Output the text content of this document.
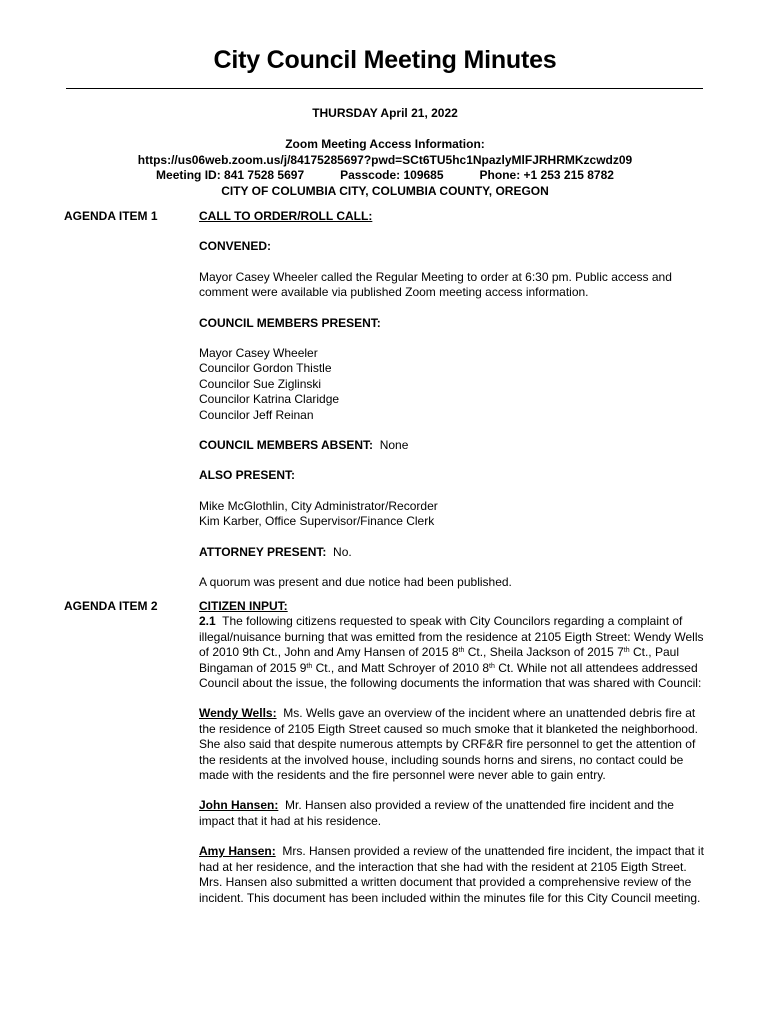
City Council Meeting Minutes
THURSDAY April 21, 2022
Zoom Meeting Access Information:
https://us06web.zoom.us/j/84175285697?pwd=SCt6TU5hc1NpazlyMlFJRHRMKzcwdz09
Meeting ID: 841 7528 5697	Passcode: 109685	Phone: +1 253 215 8782
CITY OF COLUMBIA CITY, COLUMBIA COUNTY, OREGON
AGENDA ITEM 1	CALL TO ORDER/ROLL CALL:

CONVENED:

Mayor Casey Wheeler called the Regular Meeting to order at 6:30 pm. Public access and comment were available via published Zoom meeting access information.

COUNCIL MEMBERS PRESENT:

Mayor Casey Wheeler
Councilor Gordon Thistle
Councilor Sue Ziglinski
Councilor Katrina Claridge
Councilor Jeff Reinan

COUNCIL MEMBERS ABSENT: None

ALSO PRESENT:

Mike McGlothlin, City Administrator/Recorder
Kim Karber, Office Supervisor/Finance Clerk

ATTORNEY PRESENT: No.

A quorum was present and due notice had been published.

AGENDA ITEM 2	CITIZEN INPUT:

2.1 The following citizens requested to speak with City Councilors regarding a complaint of illegal/nuisance burning that was emitted from the residence at 2105 Eigth Street: Wendy Wells of 2010 9th Ct., John and Amy Hansen of 2015 8th Ct., Sheila Jackson of 2015 7th Ct., Paul Bingaman of 2015 9th Ct., and Matt Schroyer of 2010 8th Ct. While not all attendees addressed Council about the issue, the following documents the information that was shared with Council:

Wendy Wells: Ms. Wells gave an overview of the incident where an unattended debris fire at the residence of 2105 Eigth Street caused so much smoke that it blanketed the neighborhood. She also said that despite numerous attempts by CRF&R fire personnel to get the attention of the residents at the involved house, including sounds horns and sirens, no contact could be made with the residents and the fire personnel were never able to gain entry.

John Hansen: Mr. Hansen also provided a review of the unattended fire incident and the impact that it had at his residence.

Amy Hansen: Mrs. Hansen provided a review of the unattended fire incident, the impact that it had at her residence, and the interaction that she had with the resident at 2105 Eigth Street. Mrs. Hansen also submitted a written document that provided a comprehensive review of the incident. This document has been included within the minutes file for this City Council meeting.
